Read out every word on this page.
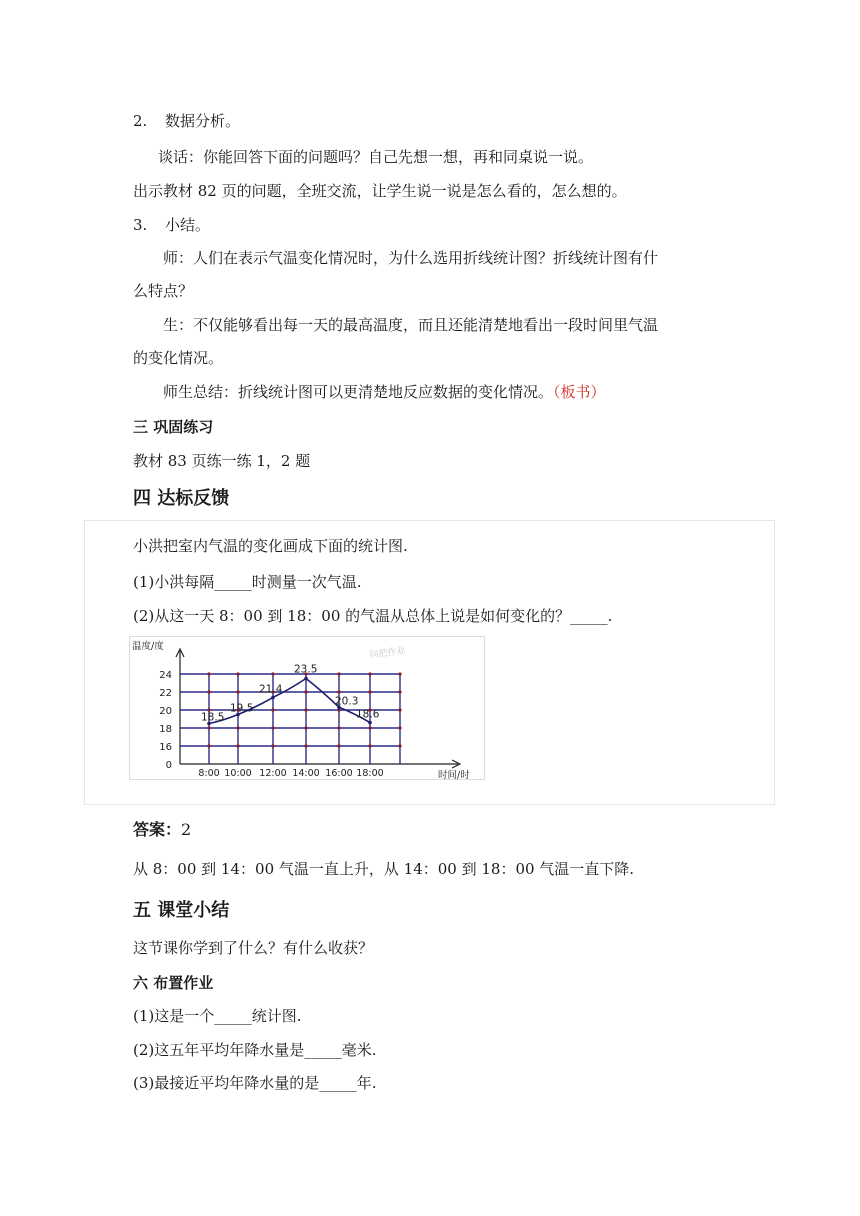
2. 数据分析。
谈话：你能回答下面的问题吗？自己先想一想，再和同桌说一说。
出示教材 82 页的问题，全班交流，让学生说一说是怎么看的，怎么想的。
3. 小结。
师：人们在表示气温变化情况时，为什么选用折线统计图？折线统计图有什
么特点？
生：不仅能够看出每一天的最高温度，而且还能清楚地看出一段时间里气温
的变化情况。
师生总结：折线统计图可以更清楚地反应数据的变化情况。（板书）
三 巩固练习
教材 83 页练一练 1，2 题
四 达标反馈
小洪把室内气温的变化画成下面的统计图.
(1)小洪每隔_____时测量一次气温.
(2)从这一天 8：00 到 18：00 的气温从总体上说是如何变化的？_____.
0
16
18
20
22
24
8:00 10:00 12:00 14:00 16:00 18:00
温度/度
时间/时
问把作业
18.5
19.5
21.4
23.5
20.3
18.6
答案：2
从 8：00 到 14：00 气温一直上升，从 14：00 到 18：00 气温一直下降.
五 课堂小结
这节课你学到了什么？有什么收获？
六 布置作业
(1)这是一个_____统计图.
(2)这五年平均年降水量是_____毫米.
(3)最接近平均年降水量的是_____年.
